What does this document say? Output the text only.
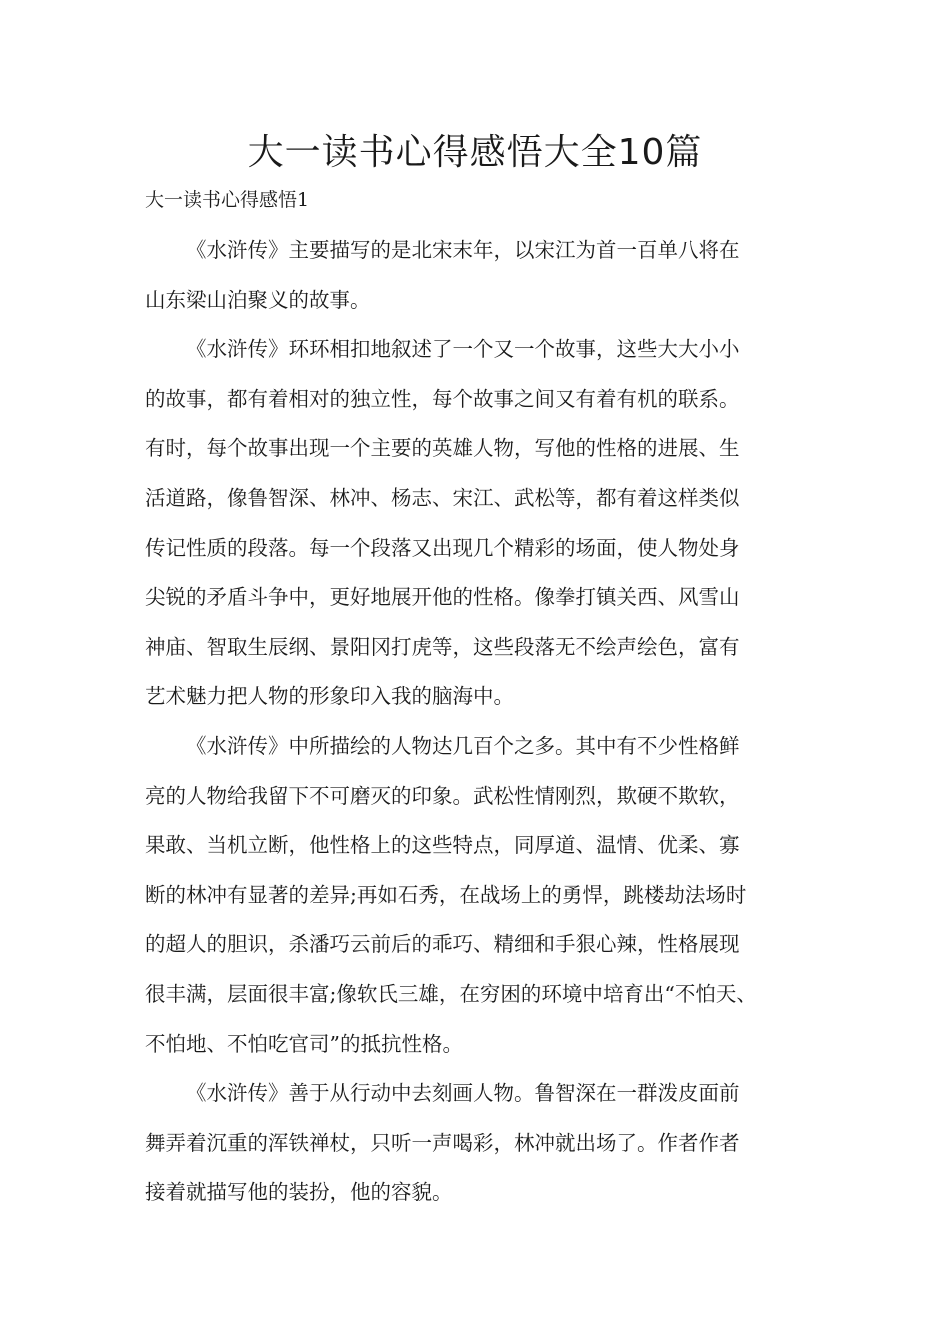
大一读书心得感悟大全10篇
大一读书心得感悟1

《水浒传》主要描写的是北宋末年，以宋江为首一百单八将在
山东梁山泊聚义的故事。

《水浒传》环环相扣地叙述了一个又一个故事，这些大大小小
的故事，都有着相对的独立性，每个故事之间又有着有机的联系。
有时，每个故事出现一个主要的英雄人物，写他的性格的进展、生
活道路，像鲁智深、林冲、杨志、宋江、武松等，都有着这样类似
传记性质的段落。每一个段落又出现几个精彩的场面，使人物处身
尖锐的矛盾斗争中，更好地展开他的性格。像拳打镇关西、风雪山
神庙、智取生辰纲、景阳冈打虎等，这些段落无不绘声绘色，富有
艺术魅力把人物的形象印入我的脑海中。

《水浒传》中所描绘的人物达几百个之多。其中有不少性格鲜
亮的人物给我留下不可磨灭的印象。武松性情刚烈，欺硬不欺软，
果敢、当机立断，他性格上的这些特点，同厚道、温情、优柔、寡
断的林冲有显著的差异;再如石秀，在战场上的勇悍，跳楼劫法场时
的超人的胆识，杀潘巧云前后的乖巧、精细和手狠心辣，性格展现
很丰满，层面很丰富;像软氏三雄，在穷困的环境中培育出“不怕天、
不怕地、不怕吃官司”的抵抗性格。

《水浒传》善于从行动中去刻画人物。鲁智深在一群泼皮面前
舞弄着沉重的浑铁禅杖，只听一声喝彩，林冲就出场了。作者作者
接着就描写他的装扮，他的容貌。
